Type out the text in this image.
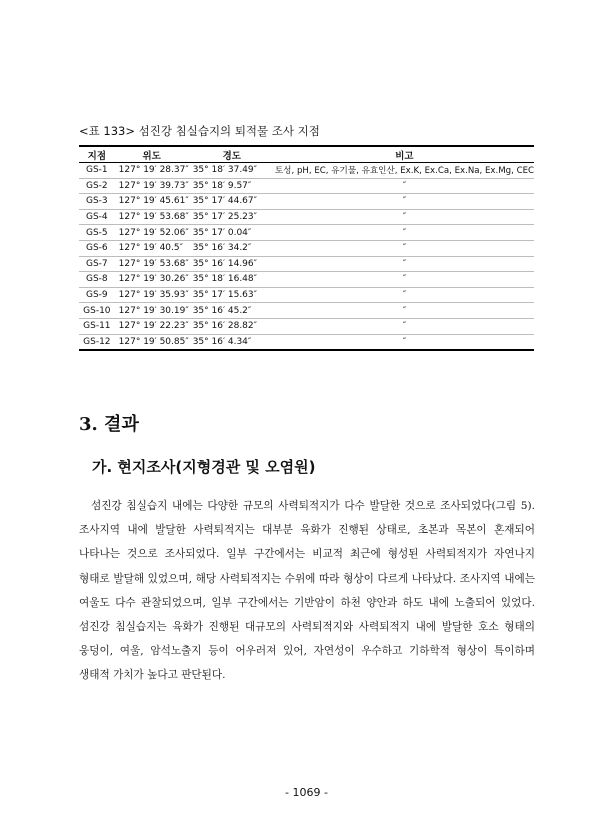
<표 133> 섬진강 침실습지의 퇴적물 조사 지점
지점	위도	경도	비고
GS-1	127° 19′ 28.37″	35° 18′ 37.49″	토성, pH, EC, 유기물, 유효인산, Ex.K, Ex.Ca, Ex.Na, Ex.Mg, CEC
GS-2	127° 19′ 39.73″	35° 18′ 9.57″	″
GS-3	127° 19′ 45.61″	35° 17′ 44.67″	″
GS-4	127° 19′ 53.68″	35° 17′ 25.23″	″
GS-5	127° 19′ 52.06″	35° 17′ 0.04″	″
GS-6	127° 19′ 40.5″	35° 16′ 34.2″	″
GS-7	127° 19′ 53.68″	35° 16′ 14.96″	″
GS-8	127° 19′ 30.26″	35° 18′ 16.48″	″
GS-9	127° 19′ 35.93″	35° 17′ 15.63″	″
GS-10	127° 19′ 30.19″	35° 16′ 45.2″	″
GS-11	127° 19′ 22.23″	35° 16′ 28.82″	″
GS-12	127° 19′ 50.85″	35° 16′ 4.34″	″
3. 결과
가. 현지조사(지형경관 및 오염원)

섬진강 침실습지 내에는 다양한 규모의 사력퇴적지가 다수 발달한 것으로 조사되었다(그림 5). 조사지역 내에 발달한 사력퇴적지는 대부분 육화가 진행된 상태로, 초본과 목본이 혼재되어 나타나는 것으로 조사되었다. 일부 구간에서는 비교적 최근에 형성된 사력퇴적지가 자연나지 형태로 발달해 있었으며, 해당 사력퇴적지는 수위에 따라 형상이 다르게 나타났다. 조사지역 내에는 여울도 다수 관찰되었으며, 일부 구간에서는 기반암이 하천 양안과 하도 내에 노출되어 있었다. 섬진강 침실습지는 육화가 진행된 대규모의 사력퇴적지와 사력퇴적지 내에 발달한 호소 형태의 웅덩이, 여울, 암석노출지 등이 어우러져 있어, 자연성이 우수하고 기하학적 형상이 특이하며 생태적 가치가 높다고 판단된다.

- 1069 -
